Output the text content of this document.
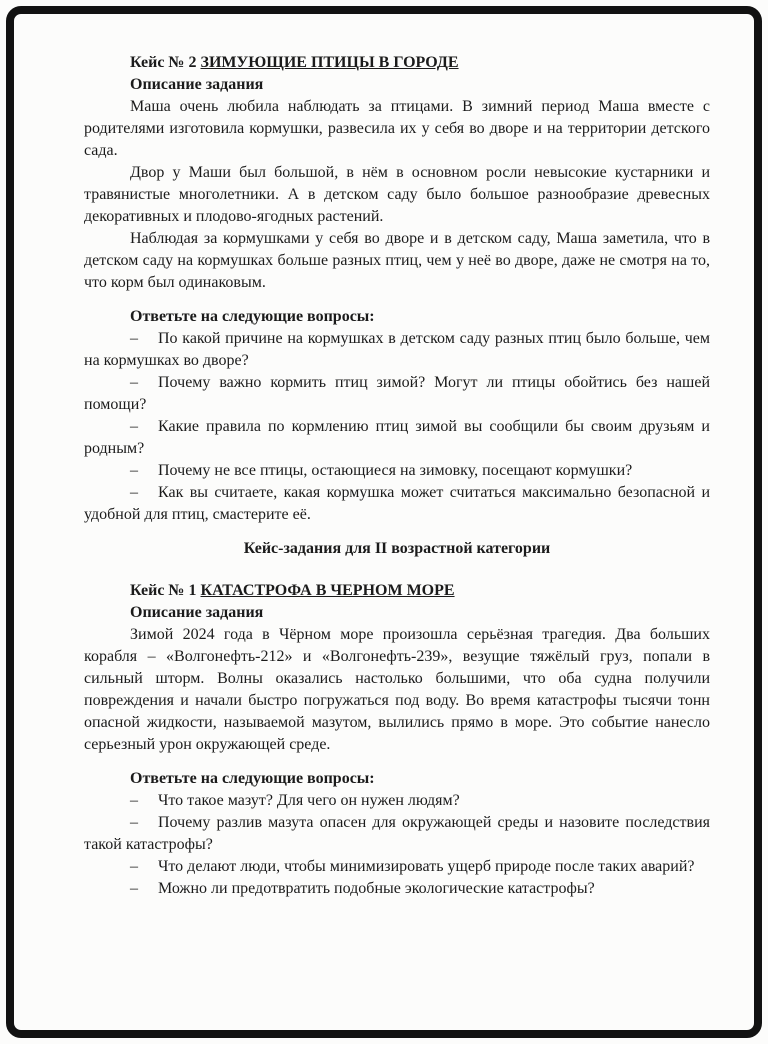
Кейс № 2 ЗИМУЮЩИЕ ПТИЦЫ В ГОРОДЕ

Описание задания

Маша очень любила наблюдать за птицами. В зимний период Маша вместе с родителями изготовила кормушки, развесила их у себя во дворе и на территории детского сада.

Двор у Маши был большой, в нём в основном росли невысокие кустарники и травянистые многолетники. А в детском саду было большое разнообразие древесных декоративных и плодово-ягодных растений.

Наблюдая за кормушками у себя во дворе и в детском саду, Маша заметила, что в детском саду на кормушках больше разных птиц, чем у неё во дворе, даже не смотря на то, что корм был одинаковым.

Ответьте на следующие вопросы:

– По какой причине на кормушках в детском саду разных птиц было больше, чем на кормушках во дворе?

– Почему важно кормить птиц зимой? Могут ли птицы обойтись без нашей помощи?

– Какие правила по кормлению птиц зимой вы сообщили бы своим друзьям и родным?

– Почему не все птицы, остающиеся на зимовку, посещают кормушки?

– Как вы считаете, какая кормушка может считаться максимально безопасной и удобной для птиц, смастерите её.

Кейс-задания для II возрастной категории

Кейс № 1 КАТАСТРОФА В ЧЕРНОМ МОРЕ

Описание задания

Зимой 2024 года в Чёрном море произошла серьёзная трагедия. Два больших корабля – «Волгонефть-212» и «Волгонефть-239», везущие тяжёлый груз, попали в сильный шторм. Волны оказались настолько большими, что оба судна получили повреждения и начали быстро погружаться под воду. Во время катастрофы тысячи тонн опасной жидкости, называемой мазутом, вылились прямо в море. Это событие нанесло серьезный урон окружающей среде.

Ответьте на следующие вопросы:

– Что такое мазут? Для чего он нужен людям?

– Почему разлив мазута опасен для окружающей среды и назовите последствия такой катастрофы?

– Что делают люди, чтобы минимизировать ущерб природе после таких аварий?

– Можно ли предотвратить подобные экологические катастрофы?
